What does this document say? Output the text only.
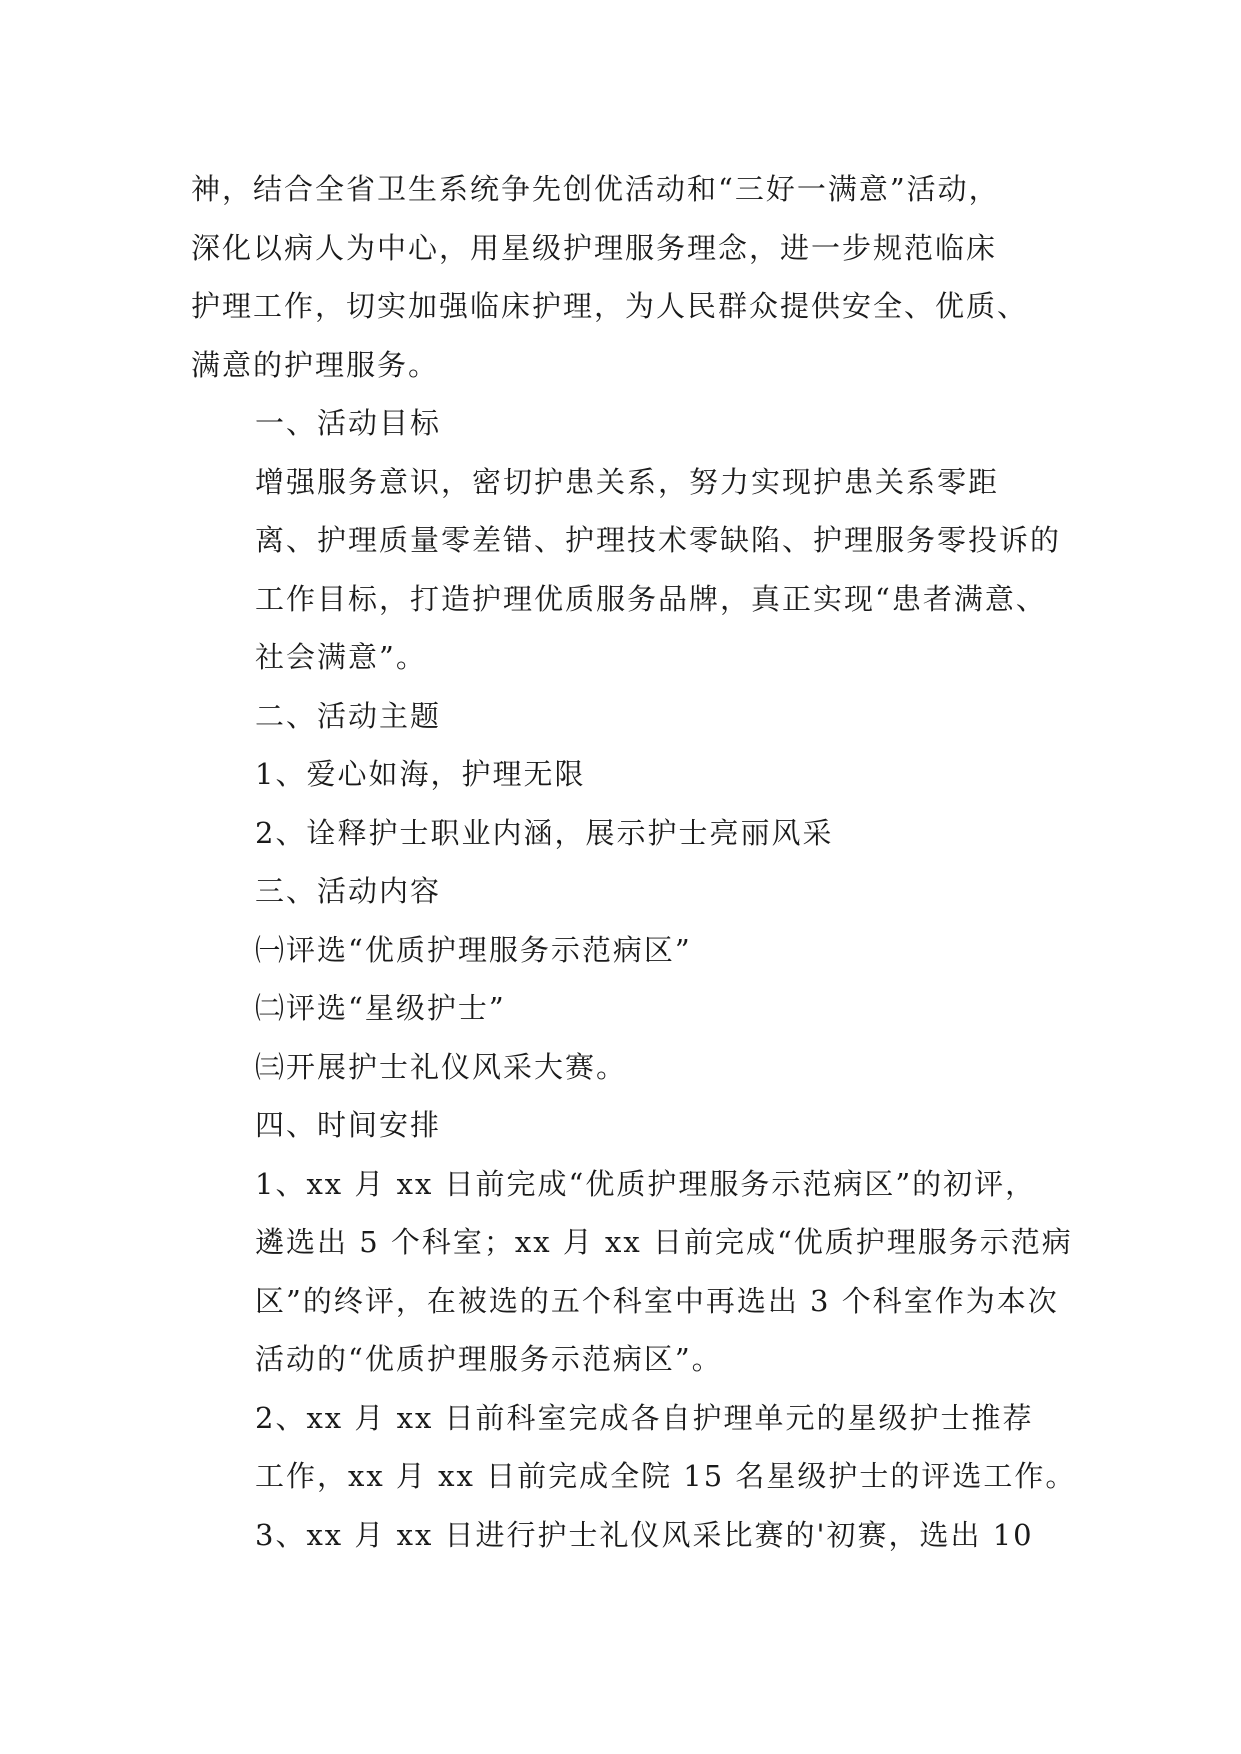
神，结合全省卫生系统争先创优活动和“三好一满意”活动，
深化以病人为中心，用星级护理服务理念，进一步规范临床
护理工作，切实加强临床护理，为人民群众提供安全、优质、
满意的护理服务。
一、活动目标
增强服务意识，密切护患关系，努力实现护患关系零距
离、护理质量零差错、护理技术零缺陷、护理服务零投诉的
工作目标，打造护理优质服务品牌，真正实现“患者满意、
社会满意”。
二、活动主题
1、爱心如海，护理无限
2、诠释护士职业内涵，展示护士亮丽风采
三、活动内容
㈠评选“优质护理服务示范病区”
㈡评选“星级护士”
㈢开展护士礼仪风采大赛。
四、时间安排
1、xx 月 xx 日前完成“优质护理服务示范病区”的初评，
遴选出 5 个科室；xx 月 xx 日前完成“优质护理服务示范病
区”的终评，在被选的五个科室中再选出 3 个科室作为本次
活动的“优质护理服务示范病区”。
2、xx 月 xx 日前科室完成各自护理单元的星级护士推荐
工作，xx 月 xx 日前完成全院 15 名星级护士的评选工作。
3、xx 月 xx 日进行护士礼仪风采比赛的'初赛，选出 10
